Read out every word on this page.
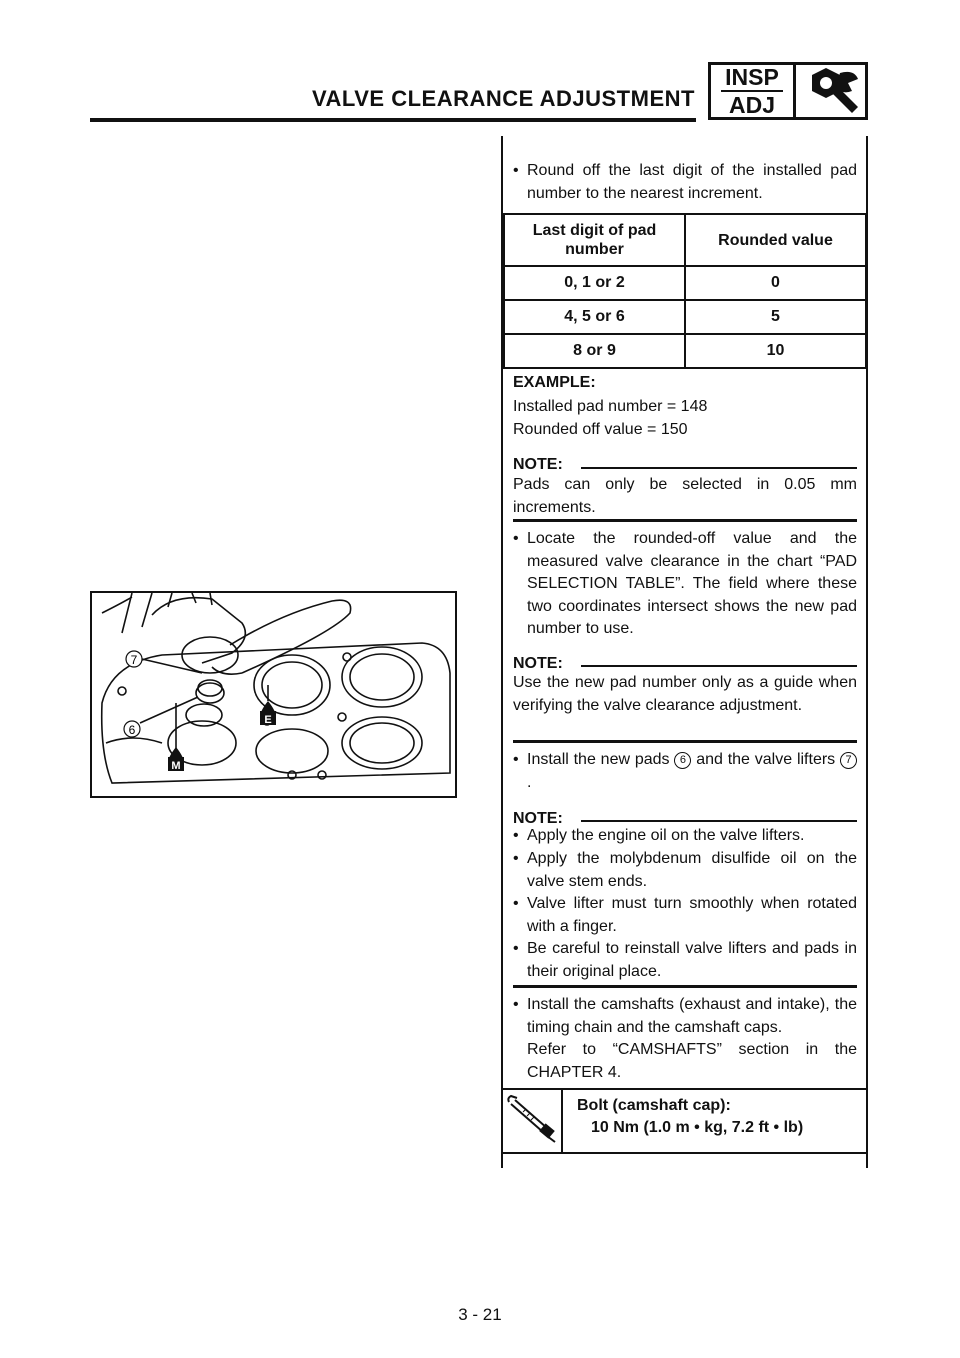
VALVE CLEARANCE ADJUSTMENT
INSP
ADJ
• Round off the last digit of the installed pad number to the nearest increment.
Last digit of pad number	Rounded value
0, 1 or 2	0
4, 5 or 6	5
8 or 9	10
EXAMPLE:
Installed pad number = 148
Rounded off value = 150
NOTE:
Pads can only be selected in 0.05 mm increments.
• Locate the rounded-off value and the measured valve clearance in the chart “PAD SELECTION TABLE”. The field where these two coordinates intersect shows the new pad number to use.
NOTE:
Use the new pad number only as a guide when verifying the valve clearance adjustment.
• Install the new pads 6 and the valve lifters 7.
NOTE:
• Apply the engine oil on the valve lifters.
• Apply the molybdenum disulfide oil on the valve stem ends.
• Valve lifter must turn smoothly when rotated with a finger.
• Be careful to reinstall valve lifters and pads in their original place.
• Install the camshafts (exhaust and intake), the timing chain and the camshaft caps.
Refer to “CAMSHAFTS” section in the CHAPTER 4.
Bolt (camshaft cap):
10 Nm (1.0 m • kg, 7.2 ft • lb)
7
6
E
M
3 - 21
